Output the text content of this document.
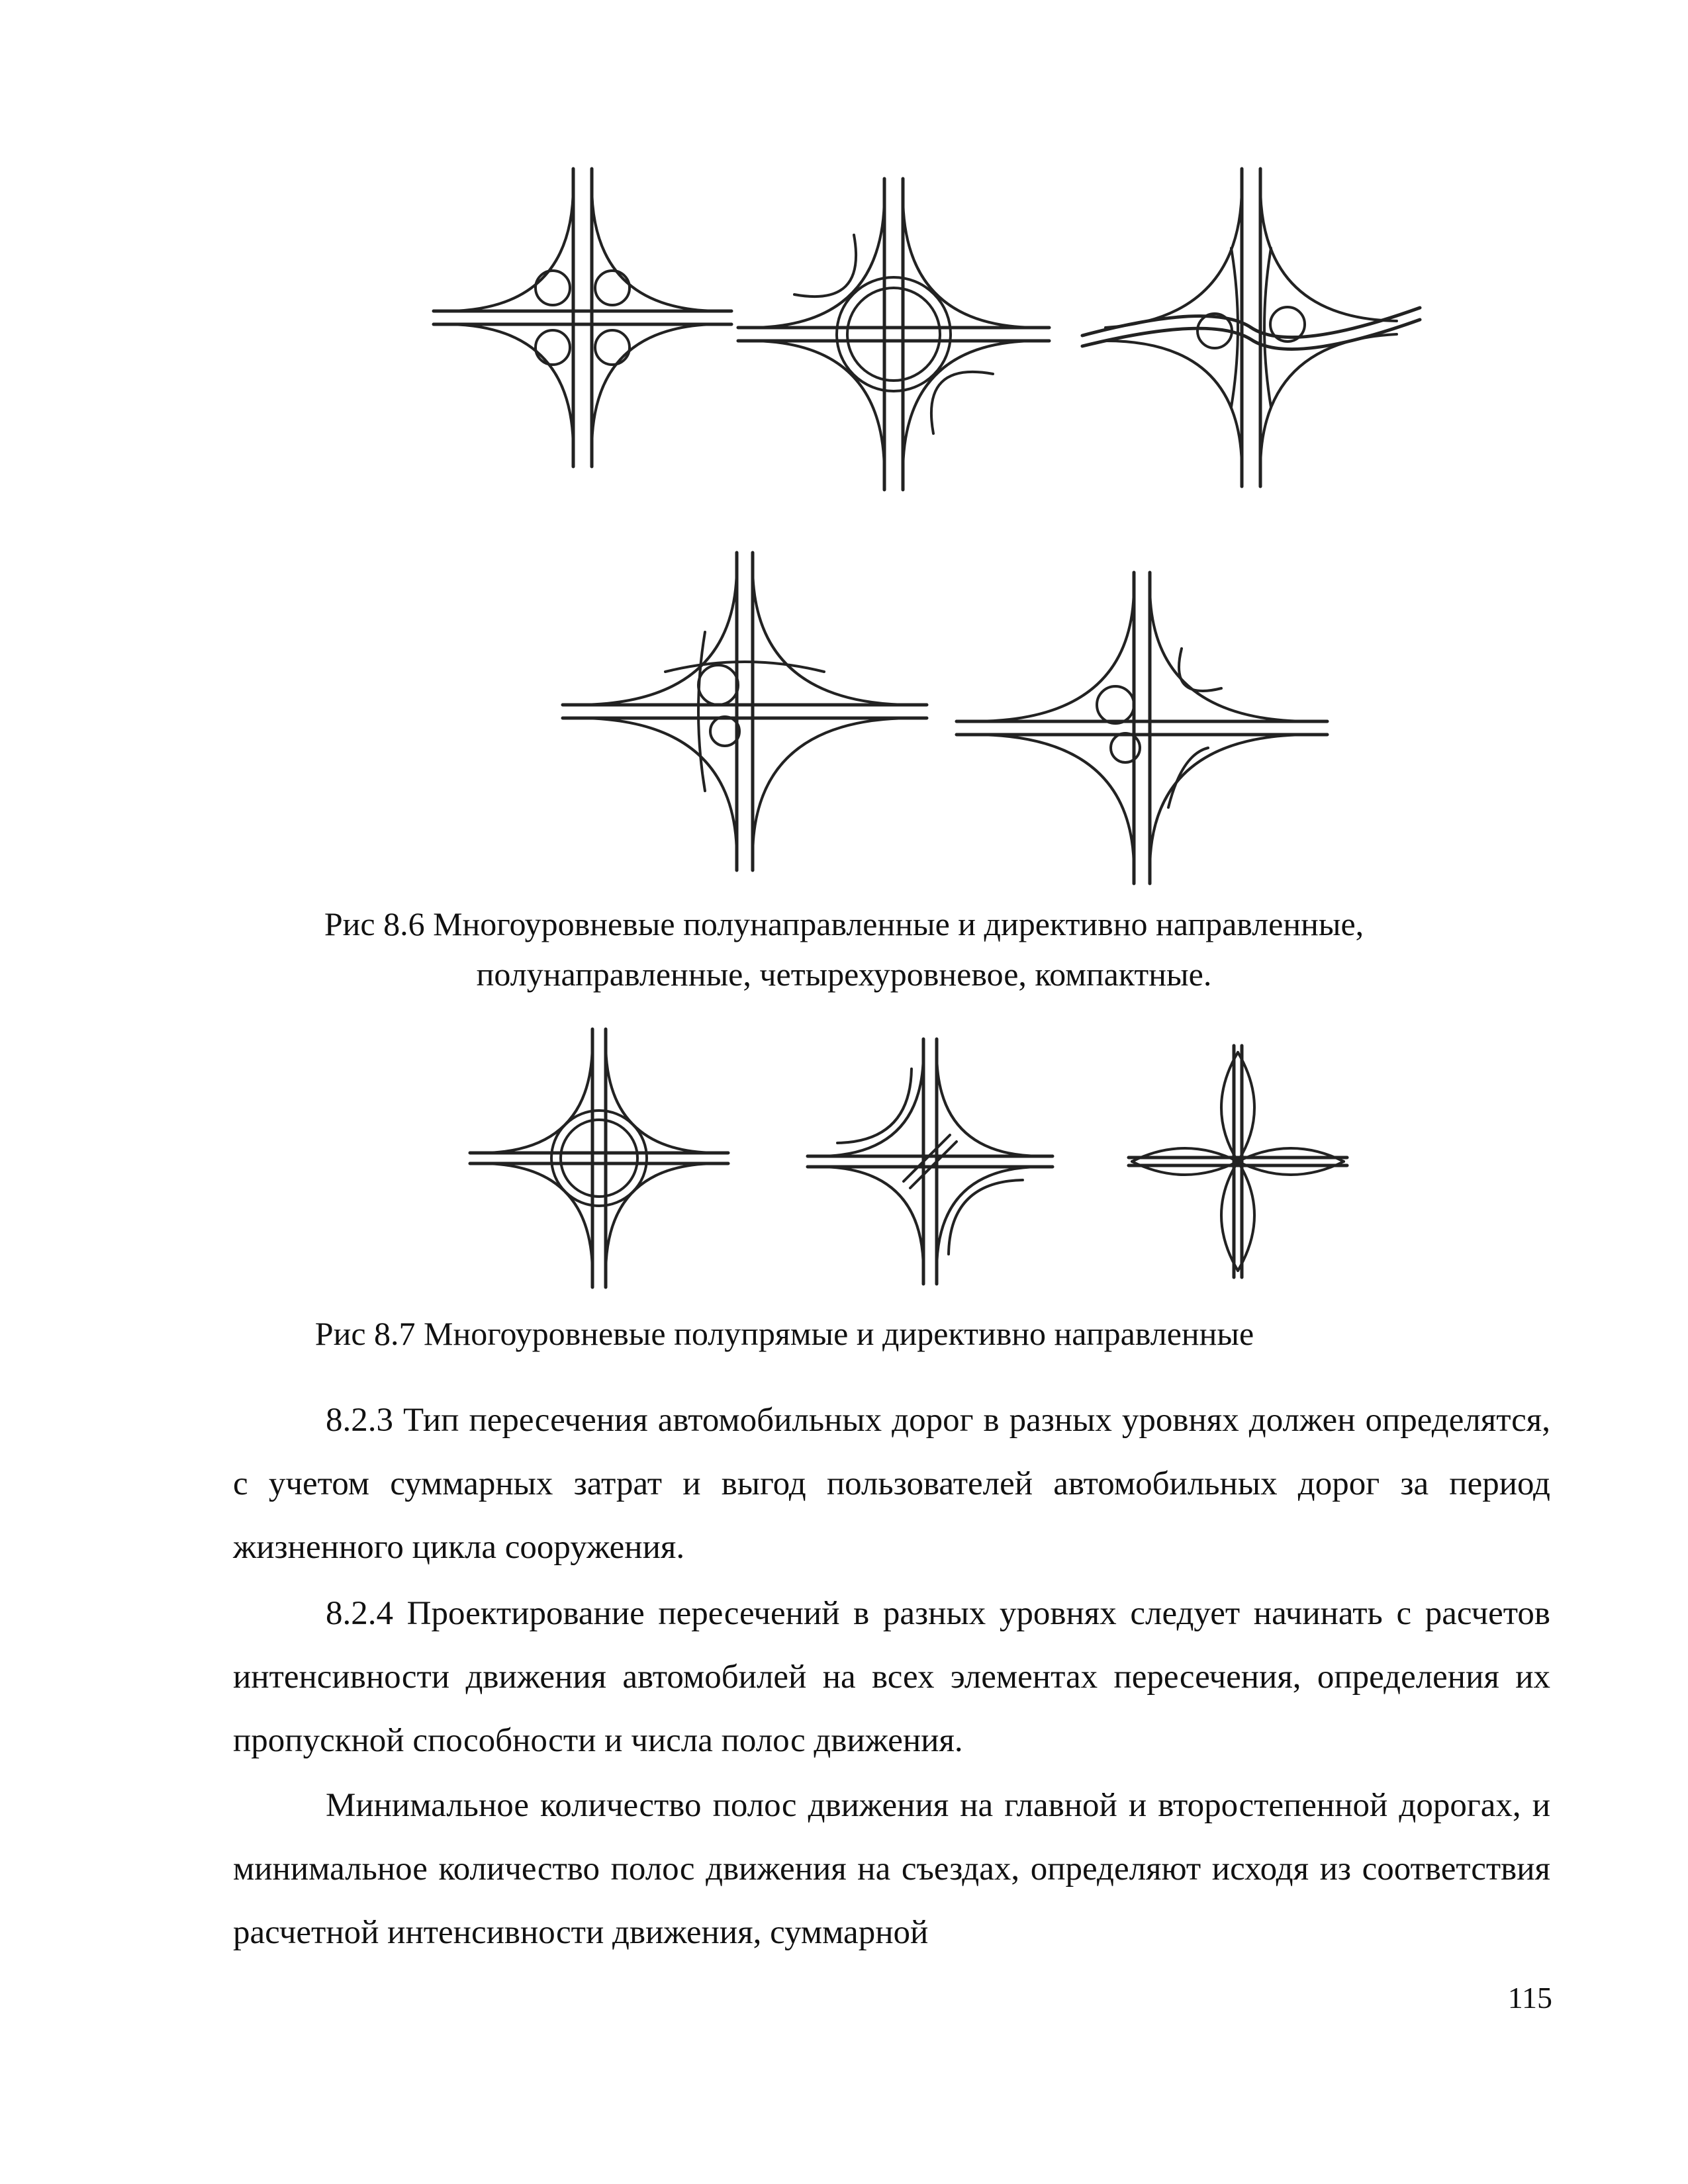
Рис 8.6 Многоуровневые полунаправленные и директивно направленные,
полунаправленные, четырехуровневое, компактные.
Рис 8.7 Многоуровневые полупрямые и директивно направленные

8.2.3 Тип пересечения автомобильных дорог в разных уровнях должен определятся, с учетом суммарных затрат и выгод пользователей автомобильных дорог за период жизненного цикла сооружения.

8.2.4 Проектирование пересечений в разных уровнях следует начинать с расчетов интенсивности движения автомобилей на всех элементах пересечения, определения их пропускной способности и числа полос движения.

Минимальное количество полос движения на главной и второстепенной дорогах, и минимальное количество полос движения на съездах, определяют исходя из соответствия расчетной интенсивности движения, суммарной

115
